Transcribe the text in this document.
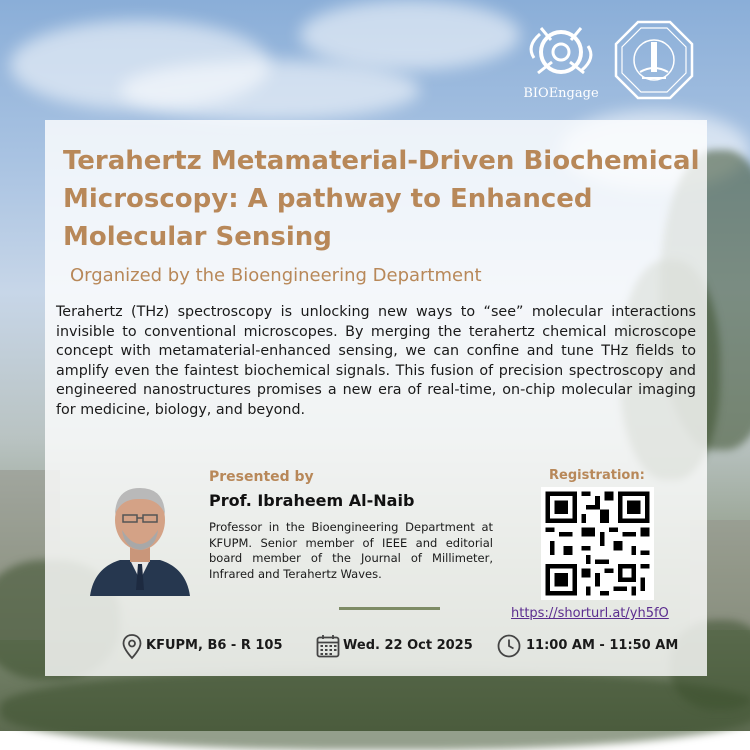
BIOEngage
Terahertz Metamaterial-Driven Biochemical Microscopy: A pathway to Enhanced Molecular Sensing
Organized by the Bioengineering Department

Terahertz (THz) spectroscopy is unlocking new ways to “see” molecular interactions invisible to conventional microscopes. By merging the terahertz chemical microscope concept with metamaterial-enhanced sensing, we can confine and tune THz fields to amplify even the faintest biochemical signals. This fusion of precision spectroscopy and engineered nanostructures promises a new era of real-time, on-chip molecular imaging for medicine, biology, and beyond.

Presented by
Prof. Ibraheem Al-Naib

Professor in the Bioengineering Department at KFUPM. Senior member of IEEE and editorial board member of the Journal of Millimeter, Infrared and Terahertz Waves.

Registration:
https://shorturl.at/yh5fO
KFUPM, B6 - R 105	Wed. 22 Oct 2025	11:00 AM - 11:50 AM
